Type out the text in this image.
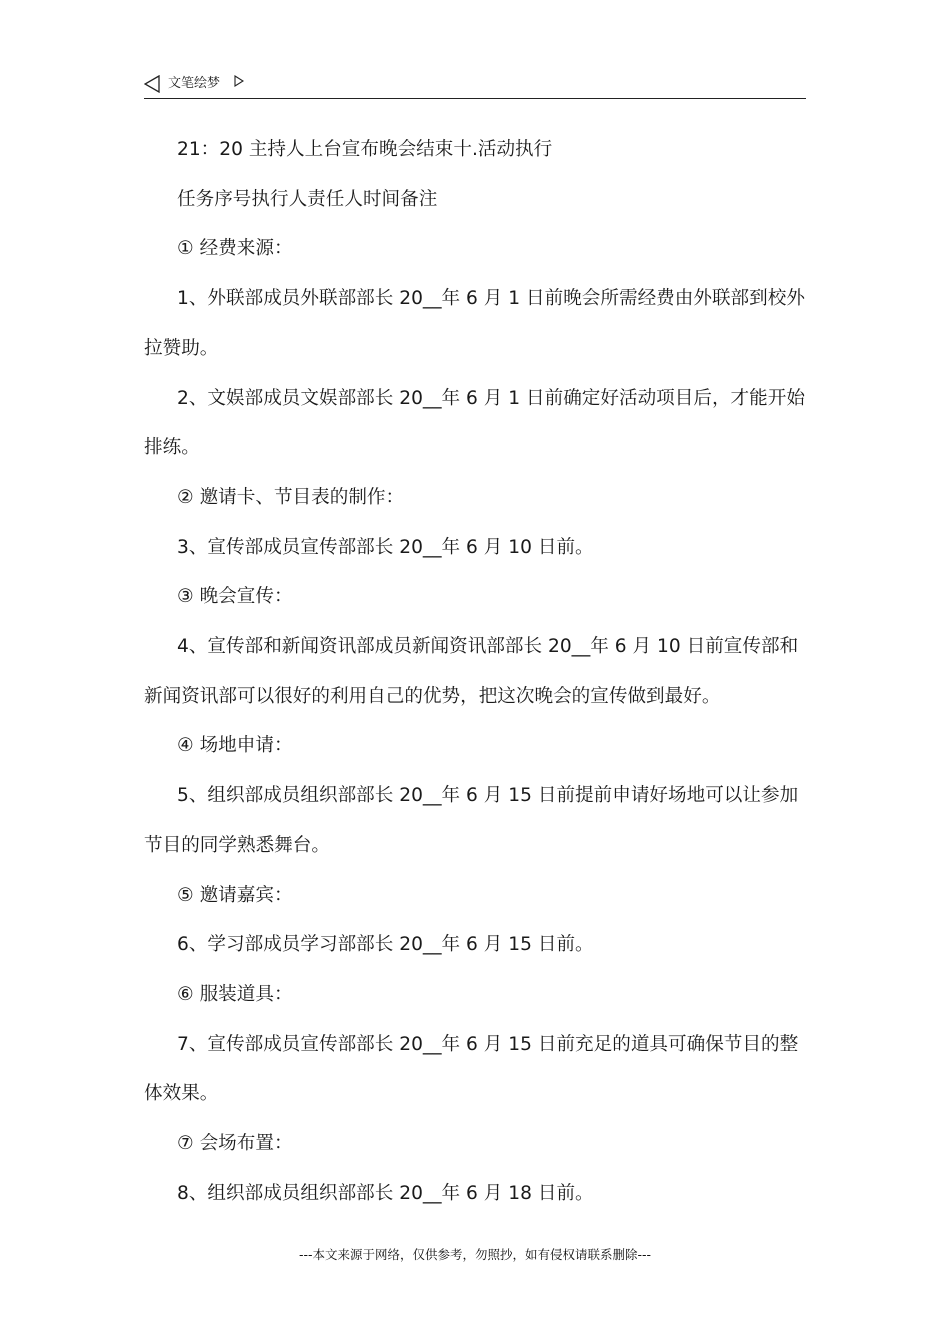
文笔绘梦

21：20 主持人上台宣布晚会结束十.活动执行

任务序号执行人责任人时间备注

① 经费来源：

1、外联部成员外联部部长 20__年 6 月 1 日前晚会所需经费由外联部到校外

拉赞助。

2、文娱部成员文娱部部长 20__年 6 月 1 日前确定好活动项目后，才能开始

排练。

② 邀请卡、节目表的制作：

3、宣传部成员宣传部部长 20__年 6 月 10 日前。

③ 晚会宣传：

4、宣传部和新闻资讯部成员新闻资讯部部长 20__年 6 月 10 日前宣传部和

新闻资讯部可以很好的利用自己的优势，把这次晚会的宣传做到最好。

④ 场地申请：

5、组织部成员组织部部长 20__年 6 月 15 日前提前申请好场地可以让参加

节目的同学熟悉舞台。

⑤ 邀请嘉宾：

6、学习部成员学习部部长 20__年 6 月 15 日前。

⑥ 服装道具：

7、宣传部成员宣传部部长 20__年 6 月 15 日前充足的道具可确保节目的整

体效果。

⑦ 会场布置：

8、组织部成员组织部部长 20__年 6 月 18 日前。

---本文来源于网络，仅供参考，勿照抄，如有侵权请联系删除---
